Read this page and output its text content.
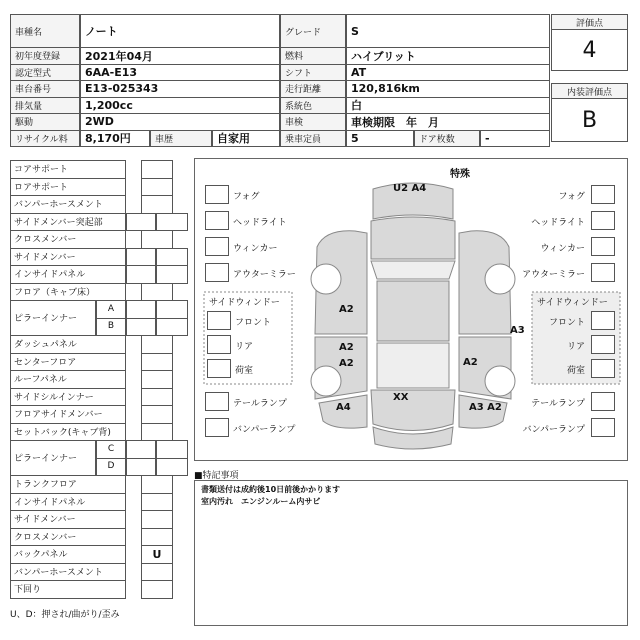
車種名	ノート	グレード	S
初年度登録	2021年04月	燃料	ハイブリット
認定型式	6AA-E13	シフト	AT
車台番号	E13-025343	走行距離	120,816km
排気量	1,200cc	系統色	白
駆動	2WD	車検	車検期限　年　月
リサイクル料	8,170円	車歴	自家用	乗車定員	5	ドア枚数	-
評価点
4
内装評価点
B
コアサポート
ロアサポート
バンパーホースメント
サイドメンバー突起部
クロスメンバー
サイドメンバー
インサイドパネル
フロア（キャブ床）
ピラーインナー
A
B
ダッシュパネル
センターフロア
ルーフパネル
サイドシルインナー
フロアサイドメンバー
セットバック(キャブ背)
ピラーインナー
C
D
トランクフロア
インサイドパネル
サイドメンバー
クロスメンバー
バックパネル	U
バンパーホースメント
下回り
U、D：押され/曲がり/歪み
特殊
フォグ
ヘッドライト
ウィンカー
アウターミラー
サイドウィンドー
フロント
リア
荷室
テールランプ
バンパーランプ
フォグ
ヘッドライト
ウィンカー
アウターミラー
サイドウィンドー
フロント
リア
荷室
テールランプ
バンパーランプ
U2 A4
A2
A2
A2
A3
A2
A4
XX
A3 A2
■特記事項
書類送付は成約後10日前後かかります
室内汚れ　エンジンルーム内サビ
